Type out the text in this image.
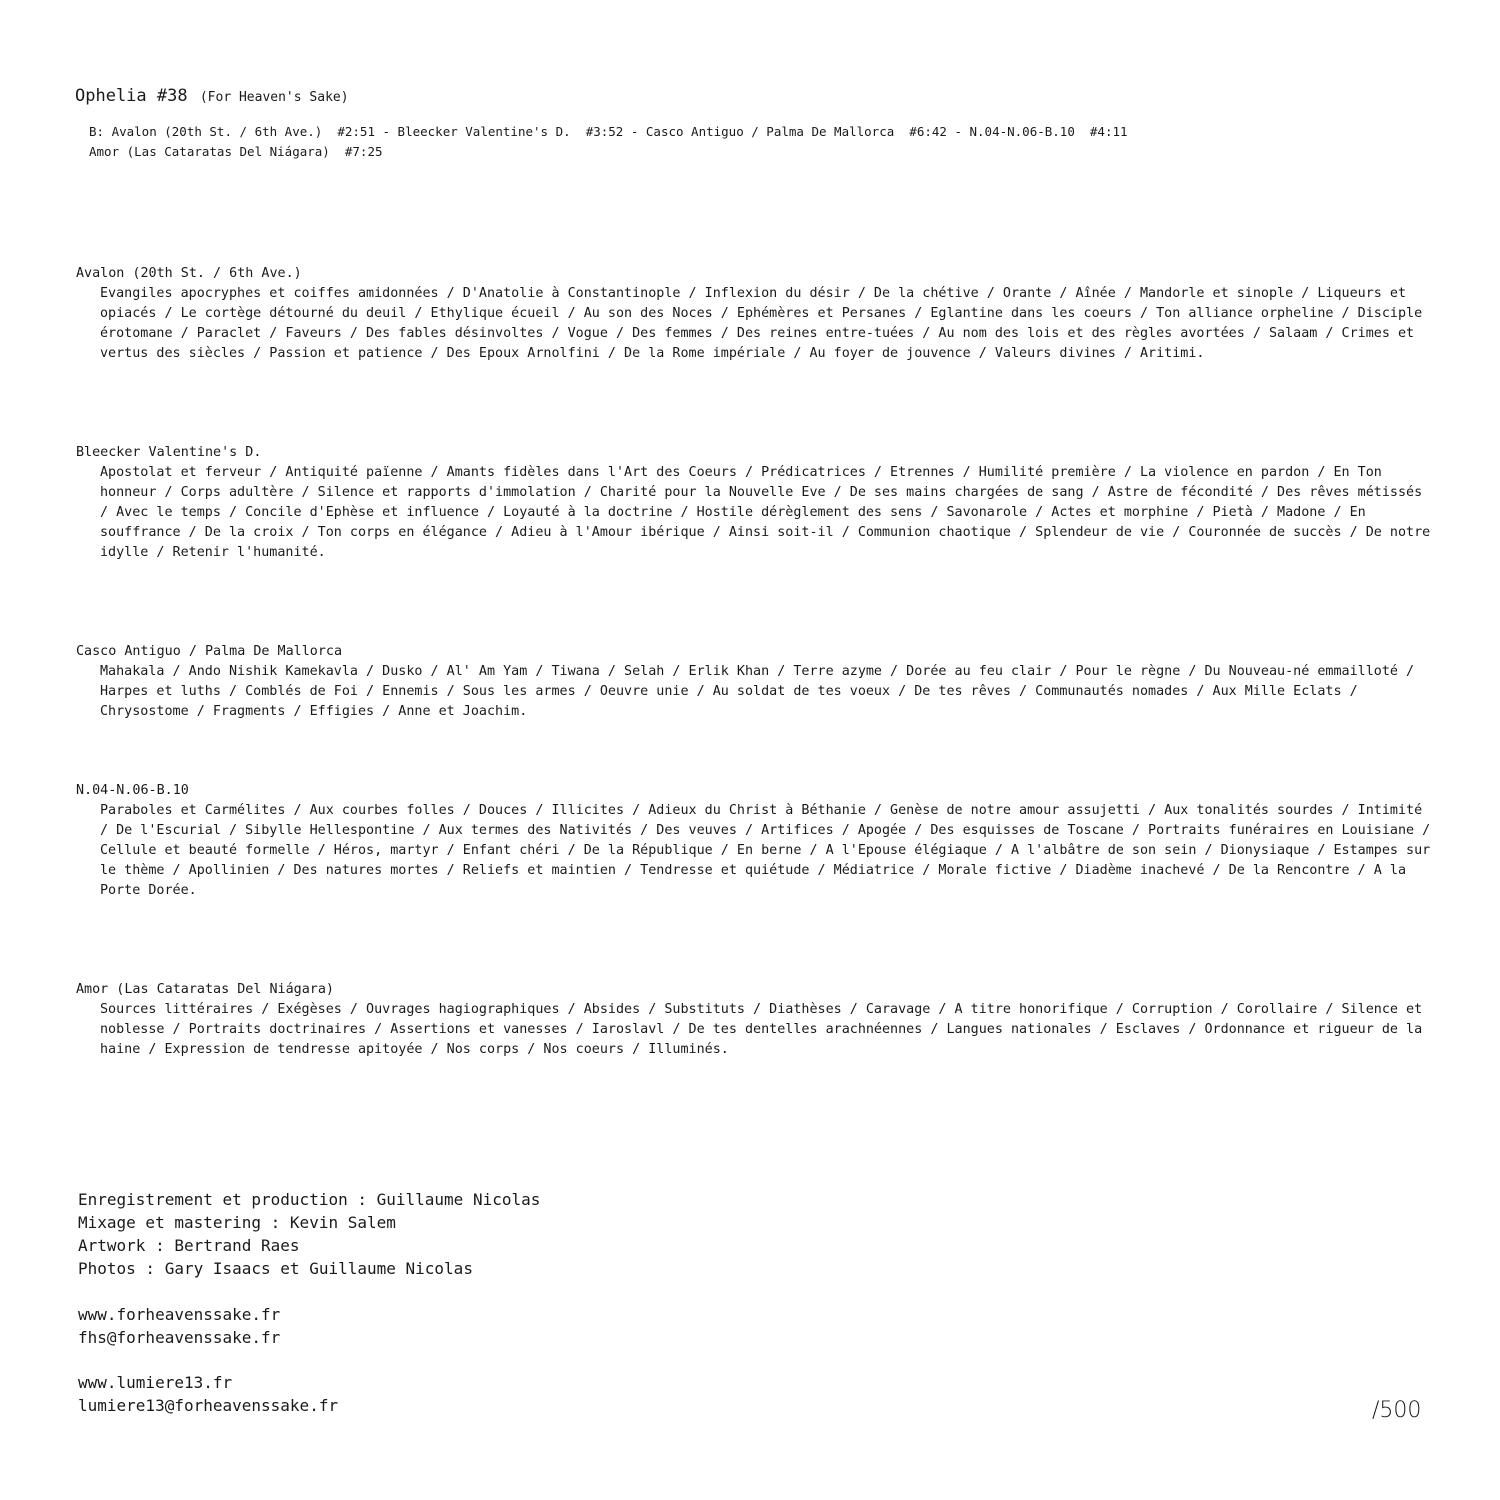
Ophelia #38 (For Heaven's Sake)
B: Avalon (20th St. / 6th Ave.)  #2:51 - Bleecker Valentine's D.  #3:52 - Casco Antiguo / Palma De Mallorca  #6:42 - N.04-N.06-B.10  #4:11
Amor (Las Cataratas Del Niágara)  #7:25
Avalon (20th St. / 6th Ave.)
Evangiles apocryphes et coiffes amidonnées / D'Anatolie à Constantinople / Inflexion du désir / De la chétive / Orante / Aînée / Mandorle et sinople / Liqueurs et opiacés / Le cortège détourné du deuil / Ethylique écueil / Au son des Noces / Ephémères et Persanes / Eglantine dans les coeurs / Ton alliance orpheline / Disciple érotomane / Paraclet / Faveurs / Des fables désinvoltes / Vogue / Des femmes / Des reines entre-tuées / Au nom des lois et des règles avortées / Salaam / Crimes et vertus des siècles / Passion et patience / Des Epoux Arnolfini / De la Rome impériale / Au foyer de jouvence / Valeurs divines / Aritimi.
Bleecker Valentine's D.
Apostolat et ferveur / Antiquité païenne / Amants fidèles dans l'Art des Coeurs / Prédicatrices / Etrennes / Humilité première / La violence en pardon / En Ton honneur / Corps adultère / Silence et rapports d'immolation / Charité pour la Nouvelle Eve / De ses mains chargées de sang / Astre de fécondité / Des rêves métissés / Avec le temps / Concile d'Ephèse et influence / Loyauté à la doctrine / Hostile dérèglement des sens / Savonarole / Actes et morphine / Pietà / Madone / En souffrance / De la croix / Ton corps en élégance / Adieu à l'Amour ibérique / Ainsi soit-il / Communion chaotique / Splendeur de vie / Couronnée de succès / De notre idylle / Retenir l'humanité.
Casco Antiguo / Palma De Mallorca
Mahakala / Ando Nishik Kamekavla / Dusko / Al' Am Yam / Tiwana / Selah / Erlik Khan / Terre azyme / Dorée au feu clair / Pour le règne / Du Nouveau-né emmailloté / Harpes et luths / Comblés de Foi / Ennemis / Sous les armes / Oeuvre unie / Au soldat de tes voeux / De tes rêves / Communautés nomades / Aux Mille Eclats / Chrysostome / Fragments / Effigies / Anne et Joachim.
N.04-N.06-B.10
Paraboles et Carmélites / Aux courbes folles / Douces / Illicites / Adieux du Christ à Béthanie / Genèse de notre amour assujetti / Aux tonalités sourdes / Intimité / De l'Escurial / Sibylle Hellespontine / Aux termes des Nativités / Des veuves / Artifices / Apogée / Des esquisses de Toscane / Portraits funéraires en Louisiane / Cellule et beauté formelle / Héros, martyr / Enfant chéri / De la République / En berne / A l'Epouse élégiaque / A l'albâtre de son sein / Dionysiaque / Estampes sur le thème / Apollinien / Des natures mortes / Reliefs et maintien / Tendresse et quiétude / Médiatrice / Morale fictive / Diadème inachevé / De la Rencontre / A la Porte Dorée.
Amor (Las Cataratas Del Niágara)
Sources littéraires / Exégèses / Ouvrages hagiographiques / Absides / Substituts / Diathèses / Caravage / A titre honorifique / Corruption / Corollaire / Silence et noblesse / Portraits doctrinaires / Assertions et vanesses / Iaroslavl / De tes dentelles arachnéennes / Langues nationales / Esclaves / Ordonnance et rigueur de la haine / Expression de tendresse apitoyée / Nos corps / Nos coeurs / Illuminés.
Enregistrement et production : Guillaume Nicolas
Mixage et mastering : Kevin Salem
Artwork : Bertrand Raes
Photos : Gary Isaacs et Guillaume Nicolas
www.forheavenssake.fr
fhs@forheavenssake.fr
www.lumiere13.fr
lumiere13@forheavenssake.fr	/500
